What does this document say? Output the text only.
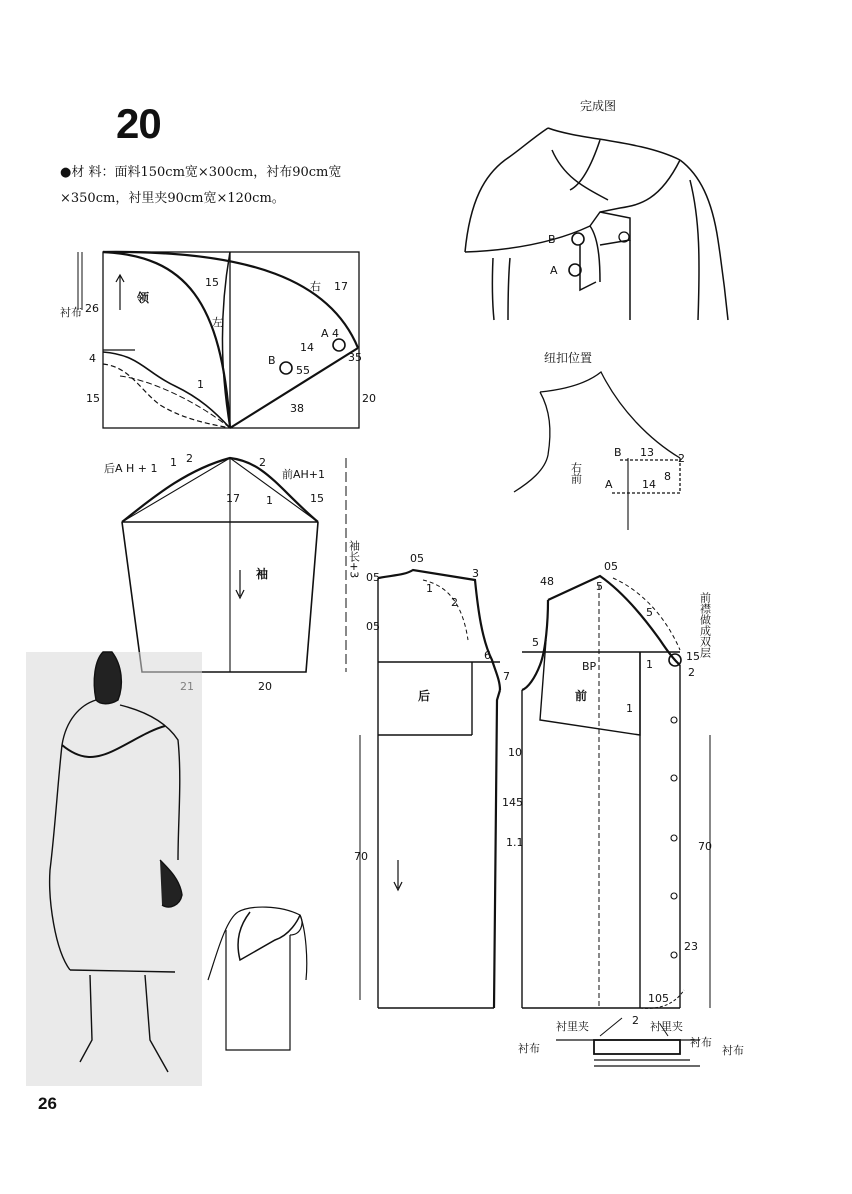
20
●材 料：面料150cm宽×300cm，衬布90cm宽×350cm，衬里夹90cm宽×120cm。
26
衬布
领
左
右
26
4
15
15
1
17
14
55
4
35
38
20
A
B
后A H + 1	前AH+1
袖	袖长+3
2	2
17 1
1
15
20
完成图
B
A
纽扣位置
右前
B
A
13 2
8
14
后
05
05	3
1
2
05
6
7
70
10
145
1.1
前
BP
前襟做成双层
48
05
5
5
5
1
15
2
1
70
23
105
2
衬里夹	衬里夹
衬布	衬布
衬布
